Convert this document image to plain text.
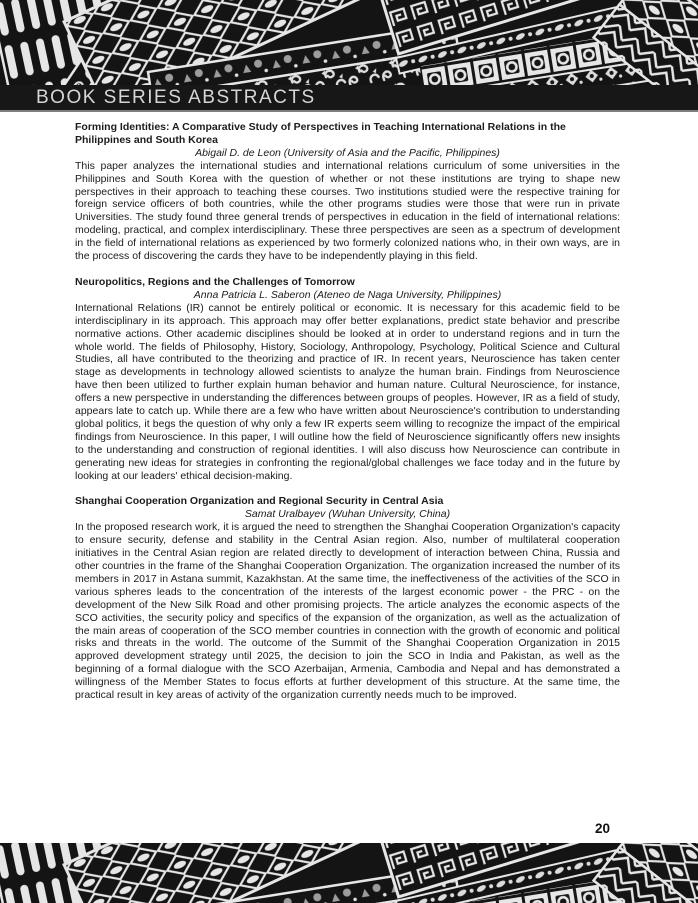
BOOK SERIES ABSTRACTS
Forming Identities: A Comparative Study of Perspectives in Teaching International Relations in the Philippines and South Korea

Abigail D. de Leon (University of Asia and the Pacific, Philippines)

This paper analyzes the international studies and international relations curriculum of some universities in the Philippines and South Korea with the question of whether or not these institutions are trying to shape new perspectives in their approach to teaching these courses. Two institutions studied were the respective training for foreign service officers of both countries, while the other programs studies were those that were run in private Universities. The study found three general trends of perspectives in education in the field of international relations: modeling, practical, and complex interdisciplinary. These three perspectives are seen as a spectrum of development in the field of international relations as experienced by two formerly colonized nations who, in their own ways, are in the process of discovering the cards they have to be independently playing in this field.

Neuropolitics, Regions and the Challenges of Tomorrow

Anna Patricia L. Saberon (Ateneo de Naga University, Philippines)

International Relations (IR) cannot be entirely political or economic. It is necessary for this academic field to be interdisciplinary in its approach. This approach may offer better explanations, predict state behavior and prescribe normative actions. Other academic disciplines should be looked at in order to understand regions and in turn the whole world. The fields of Philosophy, History, Sociology, Anthropology, Psychology, Political Science and Cultural Studies, all have contributed to the theorizing and practice of IR. In recent years, Neuroscience has taken center stage as developments in technology allowed scientists to analyze the human brain. Findings from Neuroscience have then been utilized to further explain human behavior and human nature. Cultural Neuroscience, for instance, offers a new perspective in understanding the differences between groups of peoples. However, IR as a field of study, appears late to catch up. While there are a few who have written about Neuroscience's contribution to understanding global politics, it begs the question of why only a few IR experts seem willing to recognize the impact of the empirical findings from Neuroscience. In this paper, I will outline how the field of Neuroscience significantly offers new insights to the understanding and construction of regional identities. I will also discuss how Neuroscience can contribute in generating new ideas for strategies in confronting the regional/global challenges we face today and in the future by looking at our leaders' ethical decision-making.

Shanghai Cooperation Organization and Regional Security in Central Asia

Samat Uralbayev (Wuhan University, China)

In the proposed research work, it is argued the need to strengthen the Shanghai Cooperation Organization's capacity to ensure security, defense and stability in the Central Asian region. Also, number of multilateral cooperation initiatives in the Central Asian region are related directly to development of interaction between China, Russia and other countries in the frame of the Shanghai Cooperation Organization. The organization increased the number of its members in 2017 in Astana summit, Kazakhstan. At the same time, the ineffectiveness of the activities of the SCO in various spheres leads to the concentration of the interests of the largest economic power - the PRC - on the development of the New Silk Road and other promising projects. The article analyzes the economic aspects of the SCO activities, the security policy and specifics of the expansion of the organization, as well as the actualization of the main areas of cooperation of the SCO member countries in connection with the growth of economic and political risks and threats in the world. The outcome of the Summit of the Shanghai Cooperation Organization in 2015 approved development strategy until 2025, the decision to join the SCO in India and Pakistan, as well as the beginning of a formal dialogue with the SCO Azerbaijan, Armenia, Cambodia and Nepal and has demonstrated a willingness of the Member States to focus efforts at further development of this structure. At the same time, the practical result in key areas of activity of the organization currently needs much to be improved.

20
